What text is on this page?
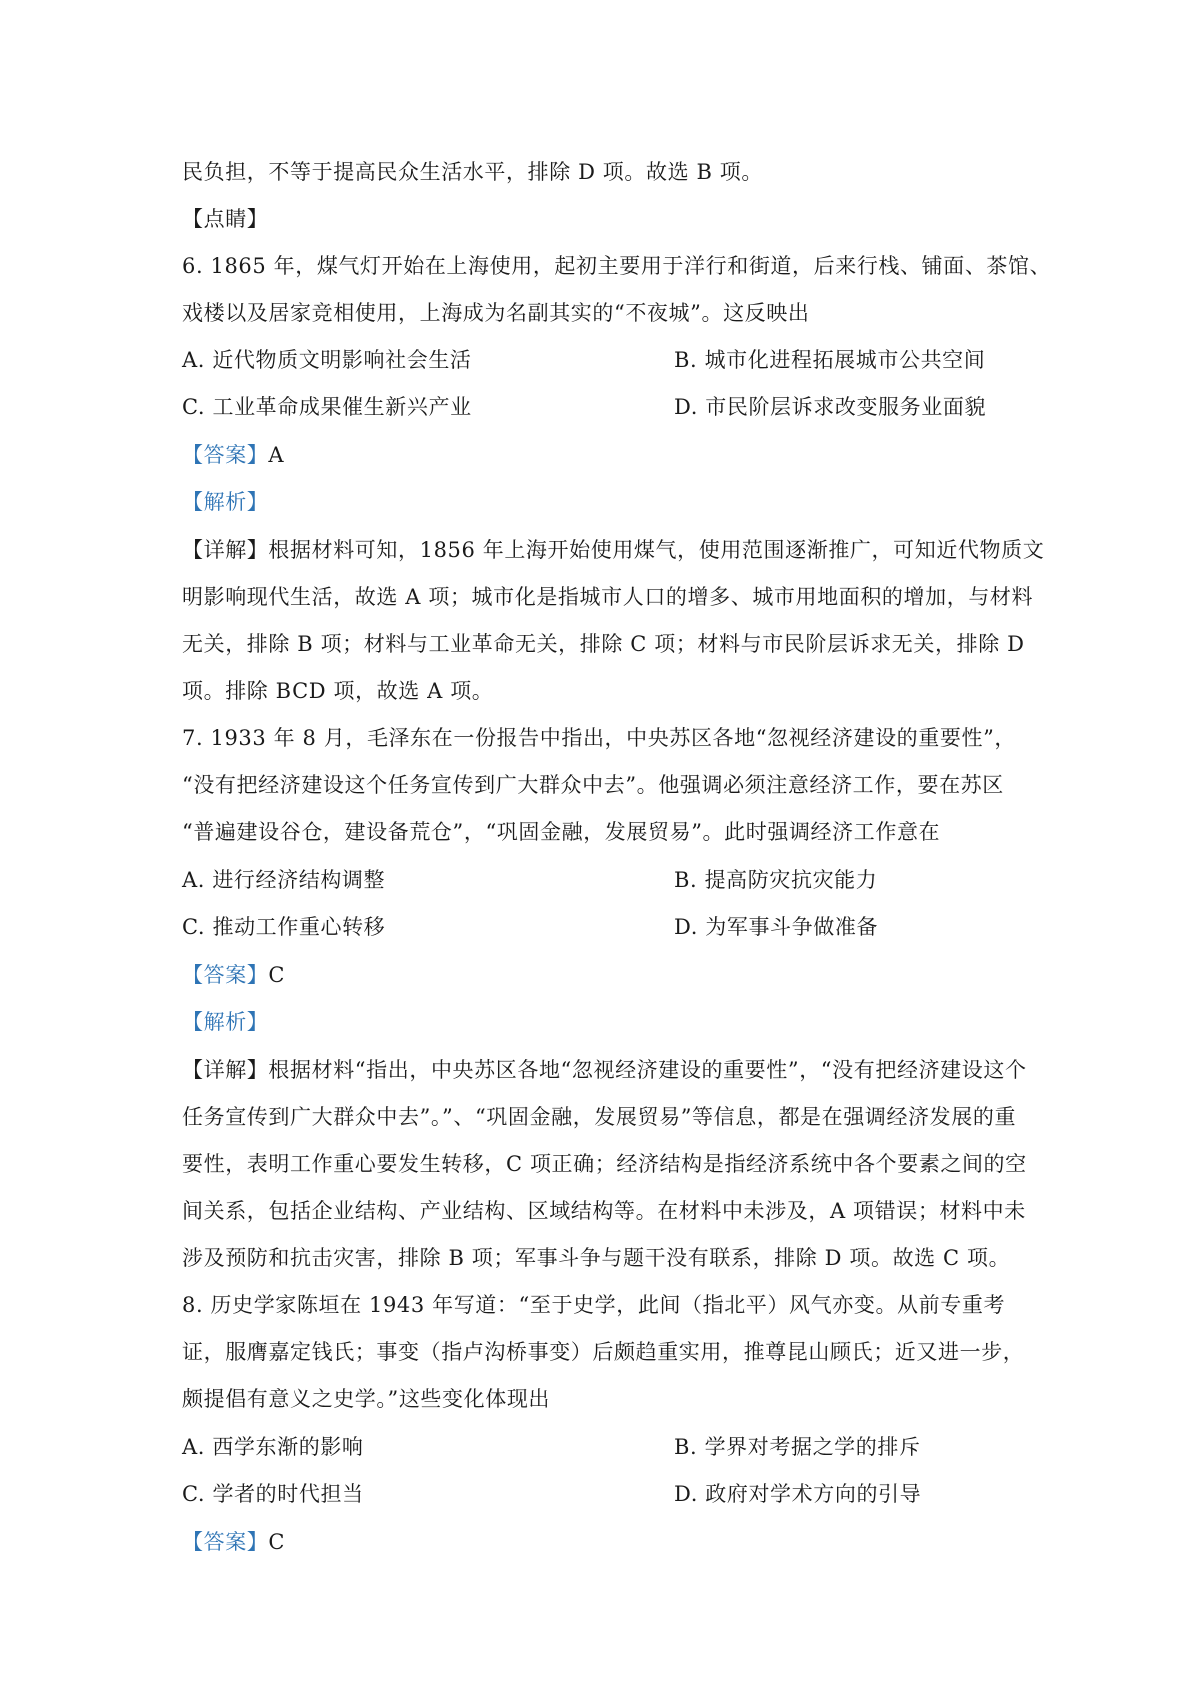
民负担，不等于提高民众生活水平，排除 D 项。故选 B 项。
【点睛】
6. 1865 年，煤气灯开始在上海使用，起初主要用于洋行和街道，后来行栈、铺面、茶馆、
戏楼以及居家竞相使用，上海成为名副其实的“不夜城”。这反映出
A. 近代物质文明影响社会生活	B. 城市化进程拓展城市公共空间
C. 工业革命成果催生新兴产业	D. 市民阶层诉求改变服务业面貌
【答案】A
【解析】
【详解】根据材料可知，1856 年上海开始使用煤气，使用范围逐渐推广，可知近代物质文
明影响现代生活，故选 A 项；城市化是指城市人口的增多、城市用地面积的增加，与材料
无关，排除 B 项；材料与工业革命无关，排除 C 项；材料与市民阶层诉求无关，排除 D
项。排除 BCD 项，故选 A 项。
7. 1933 年 8 月，毛泽东在一份报告中指出，中央苏区各地“忽视经济建设的重要性”，
“没有把经济建设这个任务宣传到广大群众中去”。他强调必须注意经济工作，要在苏区
“普遍建设谷仓，建设备荒仓”，“巩固金融，发展贸易”。此时强调经济工作意在
A. 进行经济结构调整	B. 提高防灾抗灾能力
C. 推动工作重心转移	D. 为军事斗争做准备
【答案】C
【解析】
【详解】根据材料“指出，中央苏区各地“忽视经济建设的重要性”，“没有把经济建设这个
任务宣传到广大群众中去”。”、“巩固金融，发展贸易”等信息，都是在强调经济发展的重
要性，表明工作重心要发生转移，C 项正确；经济结构是指经济系统中各个要素之间的空
间关系，包括企业结构、产业结构、区域结构等。在材料中未涉及，A 项错误；材料中未
涉及预防和抗击灾害，排除 B 项；军事斗争与题干没有联系，排除 D 项。故选 C 项。
8. 历史学家陈垣在 1943 年写道：“至于史学，此间（指北平）风气亦变。从前专重考
证，服膺嘉定钱氏；事变（指卢沟桥事变）后颇趋重实用，推尊昆山顾氏；近又进一步，
颇提倡有意义之史学。”这些变化体现出
A. 西学东渐的影响	B. 学界对考据之学的排斥
C. 学者的时代担当	D. 政府对学术方向的引导
【答案】C
